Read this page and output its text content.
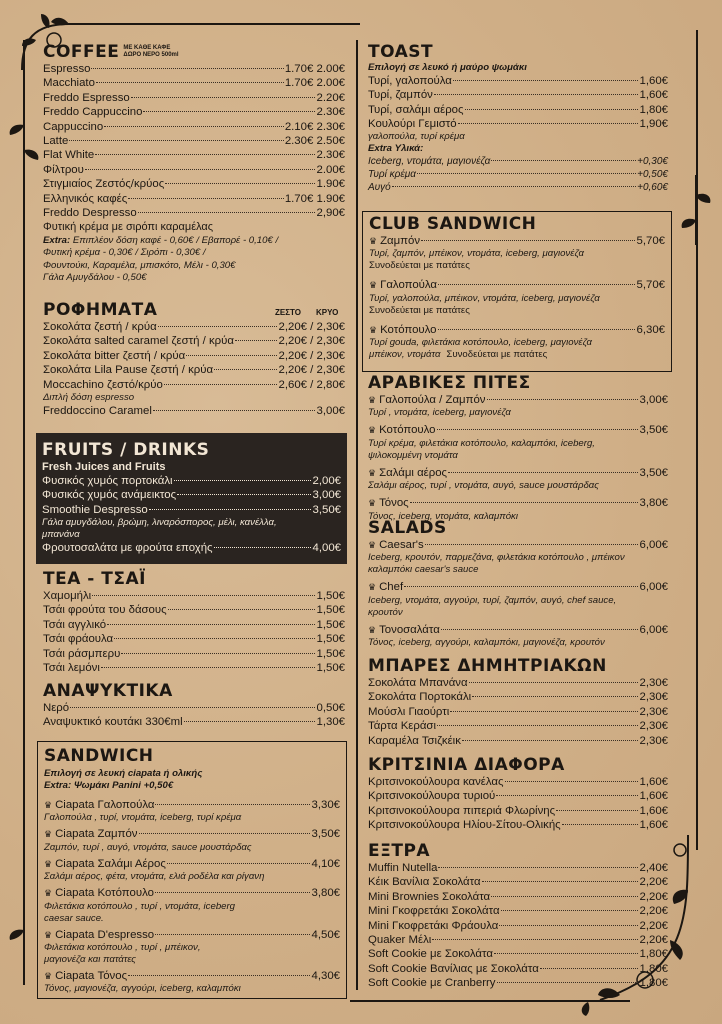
COFFEE ΜΕ ΚΑΘΕ ΚΑΦΕ
ΔΩΡΟ ΝΕΡΟ 500ml
Espresso	1.70€ 2.00€
Macchiato	1.70€ 2.00€
Freddo Espresso	2.20€
Freddo Cappuccino	2.30€
Cappuccino	2.10€ 2.30€
Latte	2.30€ 2.50€
Flat White	2.30€
Φίλτρου	2.00€
Στιγμιαίος Ζεστός/κρύος	1.90€
Ελληνικός καφές	1.70€ 1.90€
Freddo Despresso	2,90€
Φυτική κρέμα με σιρόπι καραμέλας
Extra: Επιπλέον δόση καφέ - 0,60€ / Εβαπορέ - 0,10€ /
Φυτική κρέμα - 0,30€ / Σιρόπι - 0,30€ /
Φουντούκι, Καραμέλα, μπισκότο, Μέλι - 0,30€
Γάλα Αμυγδάλου - 0,50€
ΡΟΦΗΜΑΤΑ	ΖΕΣΤΟ ΚΡΥΟ
Σοκολάτα ζεστή / κρύα	2,20€ / 2,30€
Σοκολάτα salted caramel ζεστή / κρύα	2,20€ / 2,30€
Σοκολάτα bitter ζεστή / κρύα	2,20€ / 2,30€
Σοκολάτα Lila Pause ζεστή / κρύα	2,20€ / 2,30€
Moccachino ζεστό/κρύο	2,60€ / 2,80€
Διπλή δόση espresso
Freddoccino Caramel	3,00€
FRUITS / DRINKS
Fresh Juices and Fruits
Φυσικός χυμός πορτοκάλι	2,00€
Φυσικός χυμός ανάμεικτος	3,00€
Smoothie Despresso	3,50€
Γάλα αμυγδάλου, βρώμη, λιναρόσπορος, μέλι, κανέλλα,
μπανάνα
Φρουτοσαλάτα με φρούτα εποχής	4,00€
TEA - ΤΣΑΪ
Χαμομήλι	1,50€
Τσάι φρούτα του δάσους	1,50€
Τσάι αγγλικό	1,50€
Τσάι φράουλα	1,50€
Τσάι ράσμπερυ	1,50€
Τσάι λεμόνι	1,50€
ΑΝΑΨΥΚΤΙΚΑ
Νερό	0,50€
Αναψυκτικό κουτάκι 330€ml	1,30€
SANDWICH
Επιλογή σε λευκή ciapata ή ολικής
Extra: Ψωμάκι Panini +0,50€
♛ Ciapata Γαλοπούλα	3,30€
Γαλοπούλα , τυρί, ντομάτα, iceberg, τυρί κρέμα
♛ Ciapata Ζαμπόν	3,50€
Ζαμπόν, τυρί , αυγό, ντομάτα, sauce μουστάρδας
♛ Ciapata Σαλάμι Αέρος	4,10€
Σαλάμι αέρος, φέτα, ντομάτα, ελιά ροδέλα και ρίγανη
♛ Ciapata Κοτόπουλο	3,80€
Φιλετάκια κοτόπουλο , τυρί , ντομάτα, iceberg
caesar sauce.
♛ Ciapata D'espresso	4,50€
Φιλετάκια κοτόπουλο , τυρί , μπέικον,
μαγιονέζα και πατάτες
♛ Ciapata Τόνος	4,30€
Τόνος, μαγιονέζα, αγγούρι, iceberg, καλαμπόκι
TOAST
Επιλογή σε λευκό ή μαύρο ψωμάκι
Τυρί, γαλοπούλα	1,60€
Τυρί, ζαμπόν	1,60€
Τυρί, σαλάμι αέρος	1,80€
Κουλούρι Γεμιστό	1,90€
γαλοπούλα, τυρί κρέμα
Extra Υλικά:
Iceberg, ντομάτα, μαγιονέζα	+0,30€
Τυρί κρέμα	+0,50€
Αυγό	+0,60€
CLUB SANDWICH
♛ Ζαμπόν	5,70€
Τυρί, ζαμπόν, μπέικον, ντομάτα, iceberg, μαγιονέζα
Συνοδεύεται με πατάτες
♛ Γαλοπούλα	5,70€
Τυρί, γαλοπούλα, μπέικον, ντομάτα, iceberg, μαγιονέζα
Συνοδεύεται με πατάτες
♛ Κοτόπουλο	6,30€
Τυρί gouda, φιλετάκια κοτόπουλο, iceberg, μαγιονέζα
μπέικον, ντομάτα Συνοδεύεται με πατάτες
ΑΡΑΒΙΚΕΣ ΠΙΤΕΣ
♛ Γαλοπούλα / Ζαμπόν	3,00€
Τυρί , ντομάτα, iceberg, μαγιονέζα
♛ Κοτόπουλο	3,50€
Τυρί κρέμα, φιλετάκια κοτόπουλο, καλαμπόκι, iceberg,
ψιλοκομμένη ντομάτα
♛ Σαλάμι αέρος	3,50€
Σαλάμι αέρος, τυρί , ντομάτα, αυγό, sauce μουστάρδας
♛ Τόνος	3,80€
Τόνος, iceberg, ντομάτα, καλαμπόκι
SALADS
♛ Caesar's	6,00€
Iceberg, κρουτόν, παρμεζάνα, φιλετάκια κοτόπουλο , μπέικον
καλαμπόκι caesar's sauce
♛ Chef	6,00€
Iceberg, ντομάτα, αγγούρι, τυρί, ζαμπόν, αυγό, chef sauce,
κρουτόν
♛ Τονοσαλάτα	6,00€
Τόνος, iceberg, αγγούρι, καλαμπόκι, μαγιονέζα, κρουτόν
ΜΠΑΡΕΣ ΔΗΜΗΤΡΙΑΚΩΝ
Σοκολάτα Μπανάνα	2,30€
Σοκολάτα Πορτοκάλι	2,30€
Μούσλι Γιαούρτι	2,30€
Τάρτα Κεράσι	2,30€
Καραμέλα Τσιζκέικ	2,30€
ΚΡΙΤΣΙΝΙΑ ΔΙΑΦΟΡΑ
Κριτσινοκούλουρα κανέλας	1,60€
Κριτσινοκούλουρα τυριού	1,60€
Κριτσινοκούλουρα πιπεριά Φλωρίνης	1,60€
Κριτσινοκούλουρα Ηλίου-Σίτου-Ολικής	1,60€
ΕΞΤΡΑ
Muffin Nutella	2,40€
Κέικ Βανίλια Σοκολάτα	2,20€
Mini Brownies Σοκολάτα	2,20€
Mini Γκοφρετάκι Σοκολάτα	2,20€
Mini Γκοφρετάκι Φράουλα	2,20€
Quaker Μέλι	2,20€
Soft Cookie με Σοκολάτα	1,80€
Soft Cookie Βανίλιας με Σοκολάτα	1,80€
Soft Cookie με Cranberry	1,80€
